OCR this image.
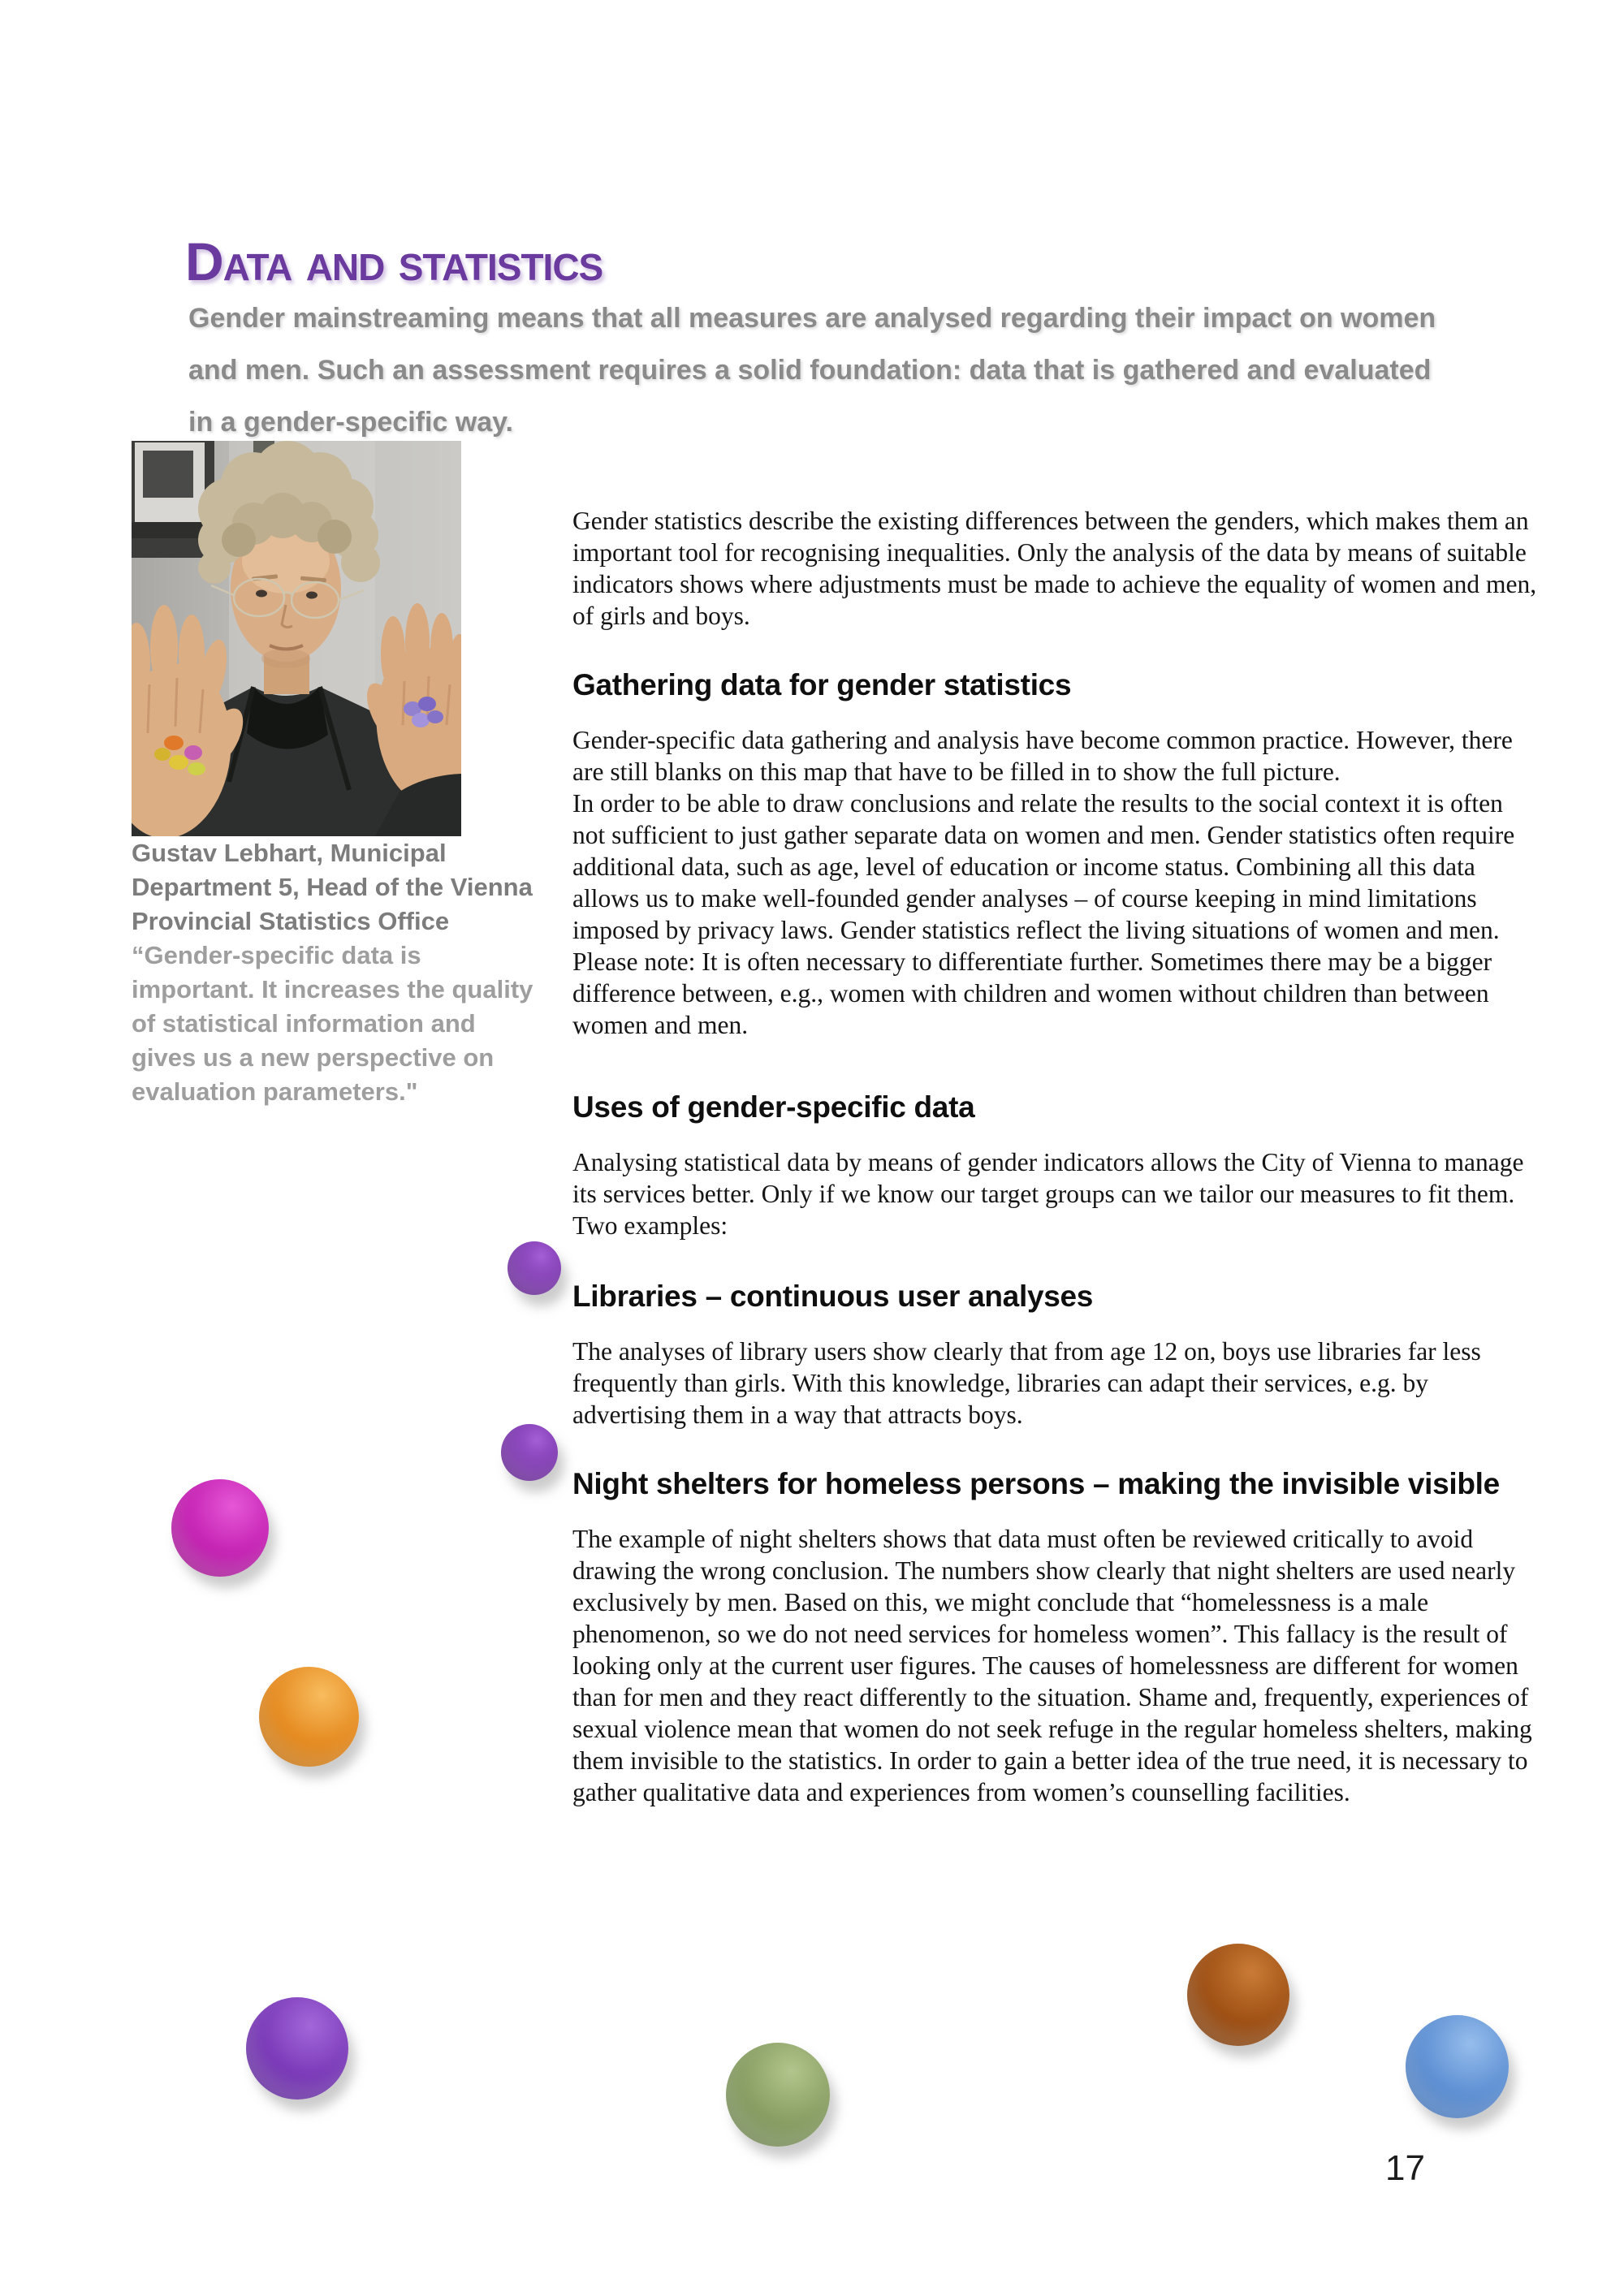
Data and statistics
Gender mainstreaming means that all measures are analysed regarding their impact on women and men. Such an assessment requires a solid foundation: data that is gathered and evaluated in a gender-specific way.
Gustav Lebhart, Municipal Department 5, Head of the Vienna Provincial Statistics Office
“Gender-specific data is important. It increases the quality of statistical information and gives us a new perspective on evaluation parameters."

Gender statistics describe the existing differences between the genders, which makes them an important tool for recognising inequalities. Only the analysis of the data by means of suitable indicators shows where adjustments must be made to achieve the equality of women and men, of girls and boys.

Gathering data for gender statistics

Gender-specific data gathering and analysis have become common practice. However, there are still blanks on this map that have to be filled in to show the full picture.

In order to be able to draw conclusions and relate the results to the social context it is often not sufficient to just gather separate data on women and men. Gender statistics often require additional data, such as age, level of education or income status. Combining all this data allows us to make well-founded gender analyses – of course keeping in mind limitations imposed by privacy laws. Gender statistics reflect the living situations of women and men.

Please note: It is often necessary to differentiate further. Sometimes there may be a bigger difference between, e.g., women with children and women without children than between women and men.

Uses of gender-specific data

Analysing statistical data by means of gender indicators allows the City of Vienna to manage its services better. Only if we know our target groups can we tailor our measures to fit them. Two examples:

Libraries – continuous user analyses

The analyses of library users show clearly that from age 12 on, boys use libraries far less frequently than girls. With this knowledge, libraries can adapt their services, e.g. by advertising them in a way that attracts boys.

Night shelters for homeless persons – making the invisible visible

The example of night shelters shows that data must often be reviewed critically to avoid drawing the wrong conclusion. The numbers show clearly that night shelters are used nearly exclusively by men. Based on this, we might conclude that “homelessness is a male phenomenon, so we do not need services for homeless women”. This fallacy is the result of looking only at the current user figures. The causes of homelessness are different for women than for men and they react differently to the situation. Shame and, frequently, experiences of sexual violence mean that women do not seek refuge in the regular homeless shelters, making them invisible to the statistics. In order to gain a better idea of the true need, it is necessary to gather qualitative data and experiences from women’s counselling facilities.

17
